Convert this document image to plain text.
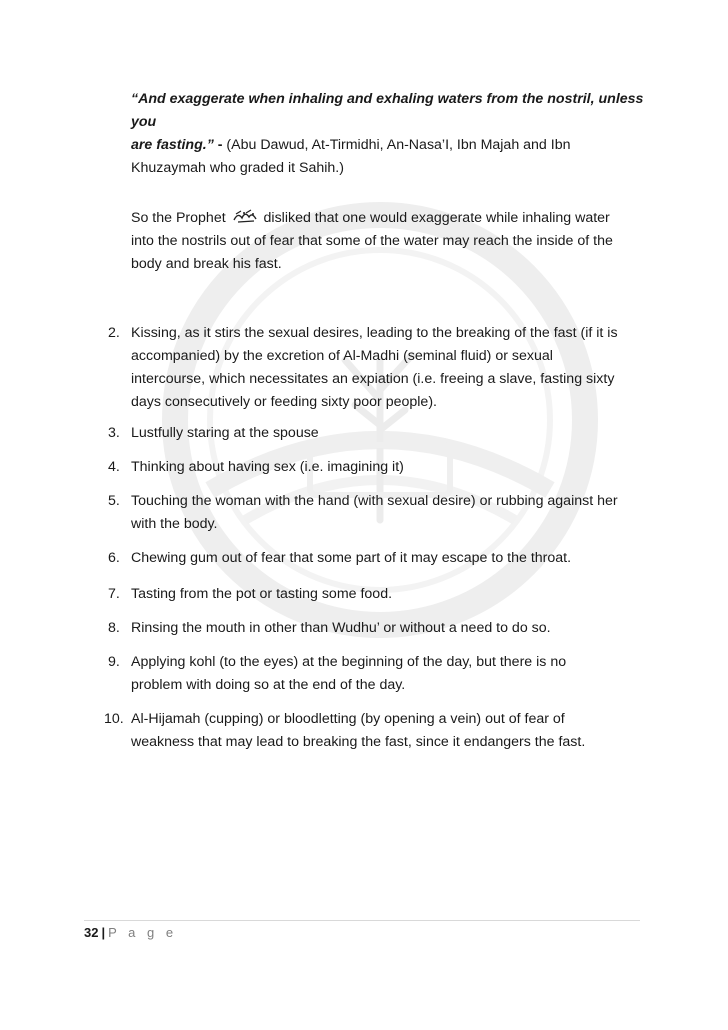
“And exaggerate when inhaling and exhaling waters from the nostril, unless you
are fasting.” - (Abu Dawud, At-Tirmidhi, An-Nasa’I, Ibn Majah and Ibn
Khuzaymah who graded it Sahih.)
So the Prophet  disliked that one would exaggerate while inhaling water
into the nostrils out of fear that some of the water may reach the inside of the
body and break his fast.
2. Kissing, as it stirs the sexual desires, leading to the breaking of the fast (if it is
accompanied) by the excretion of Al-Madhi (seminal fluid) or sexual
intercourse, which necessitates an expiation (i.e. freeing a slave, fasting sixty
days consecutively or feeding sixty poor people).
3. Lustfully staring at the spouse
4. Thinking about having sex (i.e. imagining it)
5. Touching the woman with the hand (with sexual desire) or rubbing against her
with the body.
6. Chewing gum out of fear that some part of it may escape to the throat.
7. Tasting from the pot or tasting some food.
8. Rinsing the mouth in other than Wudhu’ or without a need to do so.
9. Applying kohl (to the eyes) at the beginning of the day, but there is no
problem with doing so at the end of the day.
10. Al-Hijamah (cupping) or bloodletting (by opening a vein) out of fear of
weakness that may lead to breaking the fast, since it endangers the fast.
32 | P a g e
